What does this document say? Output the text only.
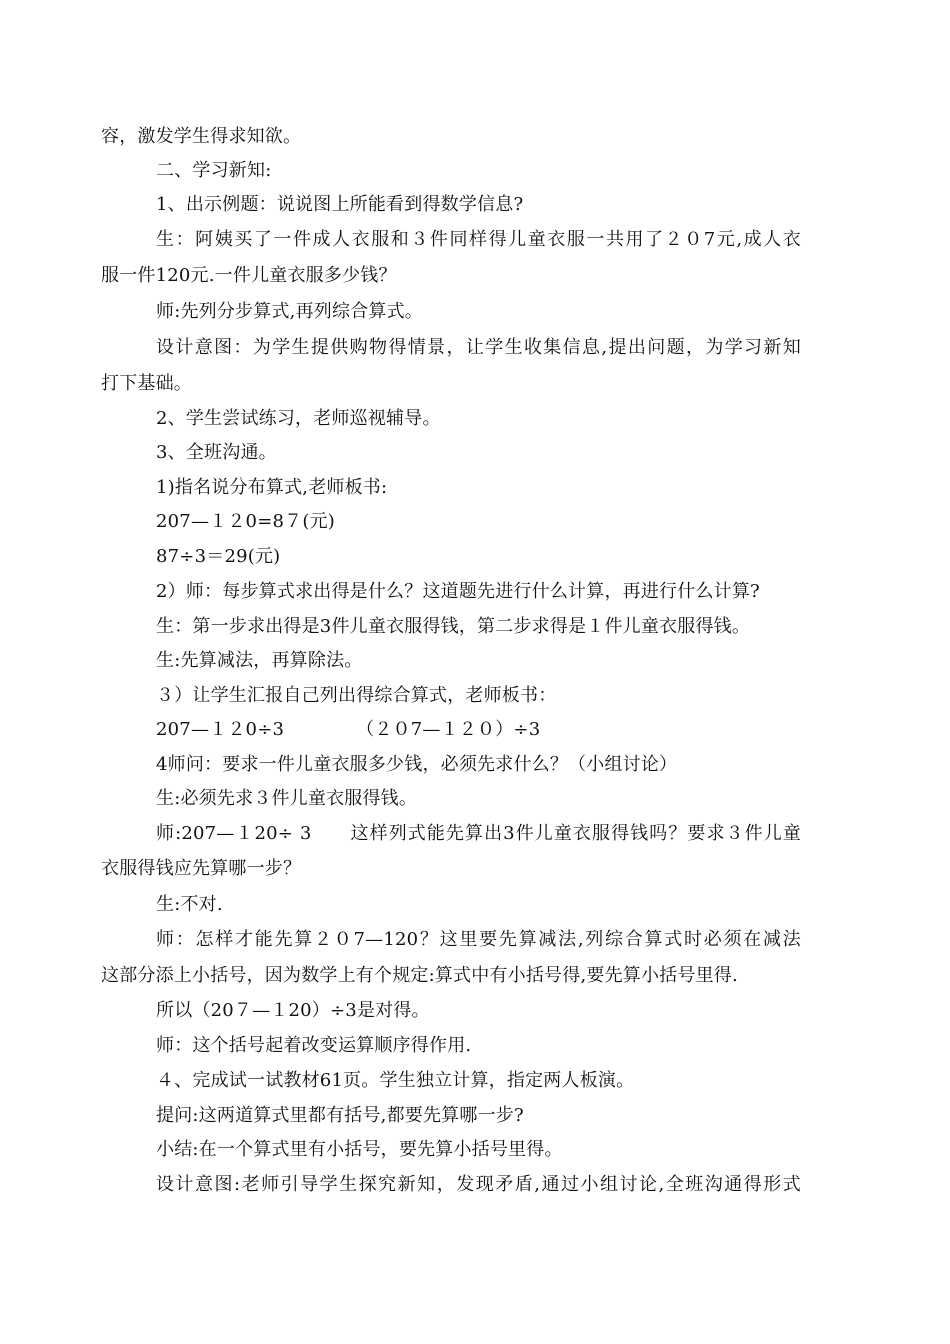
容，激发学生得求知欲。
二、学习新知:
1、出示例题：说说图上所能看到得数学信息?
生：阿姨买了一件成人衣服和３件同样得儿童衣服一共用了２０7元,成人衣
服一件120元.一件儿童衣服多少钱？
师:先列分步算式,再列综合算式。
设计意图：为学生提供购物得情景，让学生收集信息,提出问题，为学习新知
打下基础。
2、学生尝试练习，老师巡视辅导。
3、全班沟通。
1)指名说分布算式,老师板书:
207—１２0=8７(元)
87÷3＝29(元)
2）师：每步算式求出得是什么？这道题先进行什么计算，再进行什么计算?
生：第一步求出得是3件儿童衣服得钱，第二步求得是１件儿童衣服得钱。
生:先算减法，再算除法。
３）让学生汇报自己列出得综合算式，老师板书：
207—１２0÷3	（２０7—１２０）÷3
4师问：要求一件儿童衣服多少钱，必须先求什么？（小组讨论）
生:必须先求３件儿童衣服得钱。
师:207—１20÷ 3　　这样列式能先算出3件儿童衣服得钱吗？要求３件儿童
衣服得钱应先算哪一步？
生:不对.
师：怎样才能先算２０7—120？这里要先算减法,列综合算式时必须在减法
这部分添上小括号，因为数学上有个规定:算式中有小括号得,要先算小括号里得.
所以（20７—１20）÷3是对得。
师：这个括号起着改变运算顺序得作用.
４、完成试一试教材61页。学生独立计算，指定两人板演。
提问:这两道算式里都有括号,都要先算哪一步?
小结:在一个算式里有小括号，要先算小括号里得。
设计意图:老师引导学生探究新知，发现矛盾,通过小组讨论,全班沟通得形式
